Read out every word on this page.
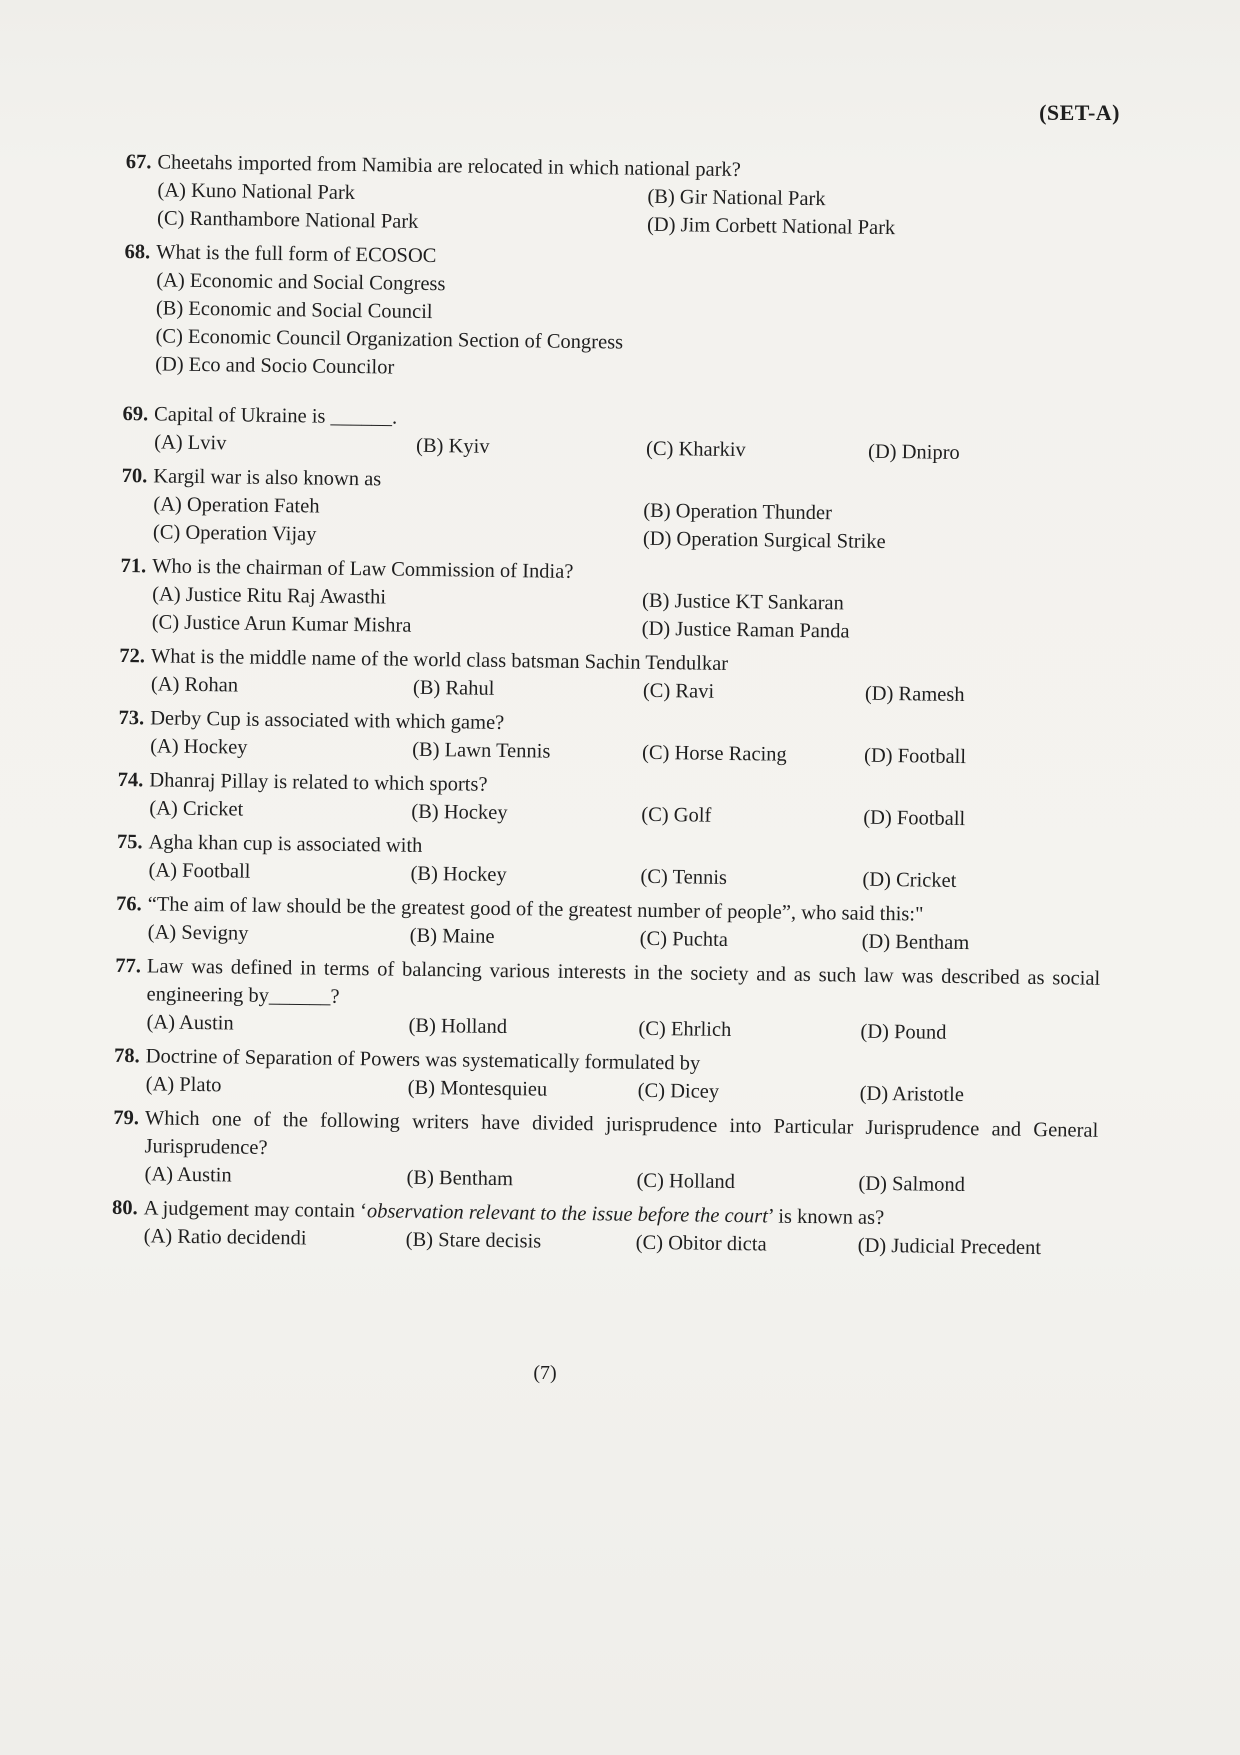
(SET-A)
67. Cheetahs imported from Namibia are relocated in which national park?
(A) Kuno National Park	(B) Gir National Park
(C) Ranthambore National Park	(D) Jim Corbett National Park
68. What is the full form of ECOSOC
(A) Economic and Social Congress
(B) Economic and Social Council
(C) Economic Council Organization Section of Congress
(D) Eco and Socio Councilor
69. Capital of Ukraine is ______.
(A) Lviv	(B) Kyiv	(C) Kharkiv	(D) Dnipro
70. Kargil war is also known as
(A) Operation Fateh	(B) Operation Thunder
(C) Operation Vijay	(D) Operation Surgical Strike
71. Who is the chairman of Law Commission of India?
(A) Justice Ritu Raj Awasthi	(B) Justice KT Sankaran
(C) Justice Arun Kumar Mishra	(D) Justice Raman Panda
72. What is the middle name of the world class batsman Sachin Tendulkar
(A) Rohan	(B) Rahul	(C) Ravi	(D) Ramesh
73. Derby Cup is associated with which game?
(A) Hockey	(B) Lawn Tennis	(C) Horse Racing	(D) Football
74. Dhanraj Pillay is related to which sports?
(A) Cricket	(B) Hockey	(C) Golf	(D) Football
75. Agha khan cup is associated with
(A) Football	(B) Hockey	(C) Tennis	(D) Cricket
76. “The aim of law should be the greatest good of the greatest number of people”, who said this:"
(A) Sevigny	(B) Maine	(C) Puchta	(D) Bentham
77. Law was defined in terms of balancing various interests in the society and as such law was described as social engineering by______?
(A) Austin	(B) Holland	(C) Ehrlich	(D) Pound
78. Doctrine of Separation of Powers was systematically formulated by
(A) Plato	(B) Montesquieu	(C) Dicey	(D) Aristotle
79. Which one of the following writers have divided jurisprudence into Particular Jurisprudence and General Jurisprudence?
(A) Austin	(B) Bentham	(C) Holland	(D) Salmond
80. A judgement may contain ‘observation relevant to the issue before the court’ is known as?
(A) Ratio decidendi	(B) Stare decisis	(C) Obitor dicta	(D) Judicial Precedent
(7)
